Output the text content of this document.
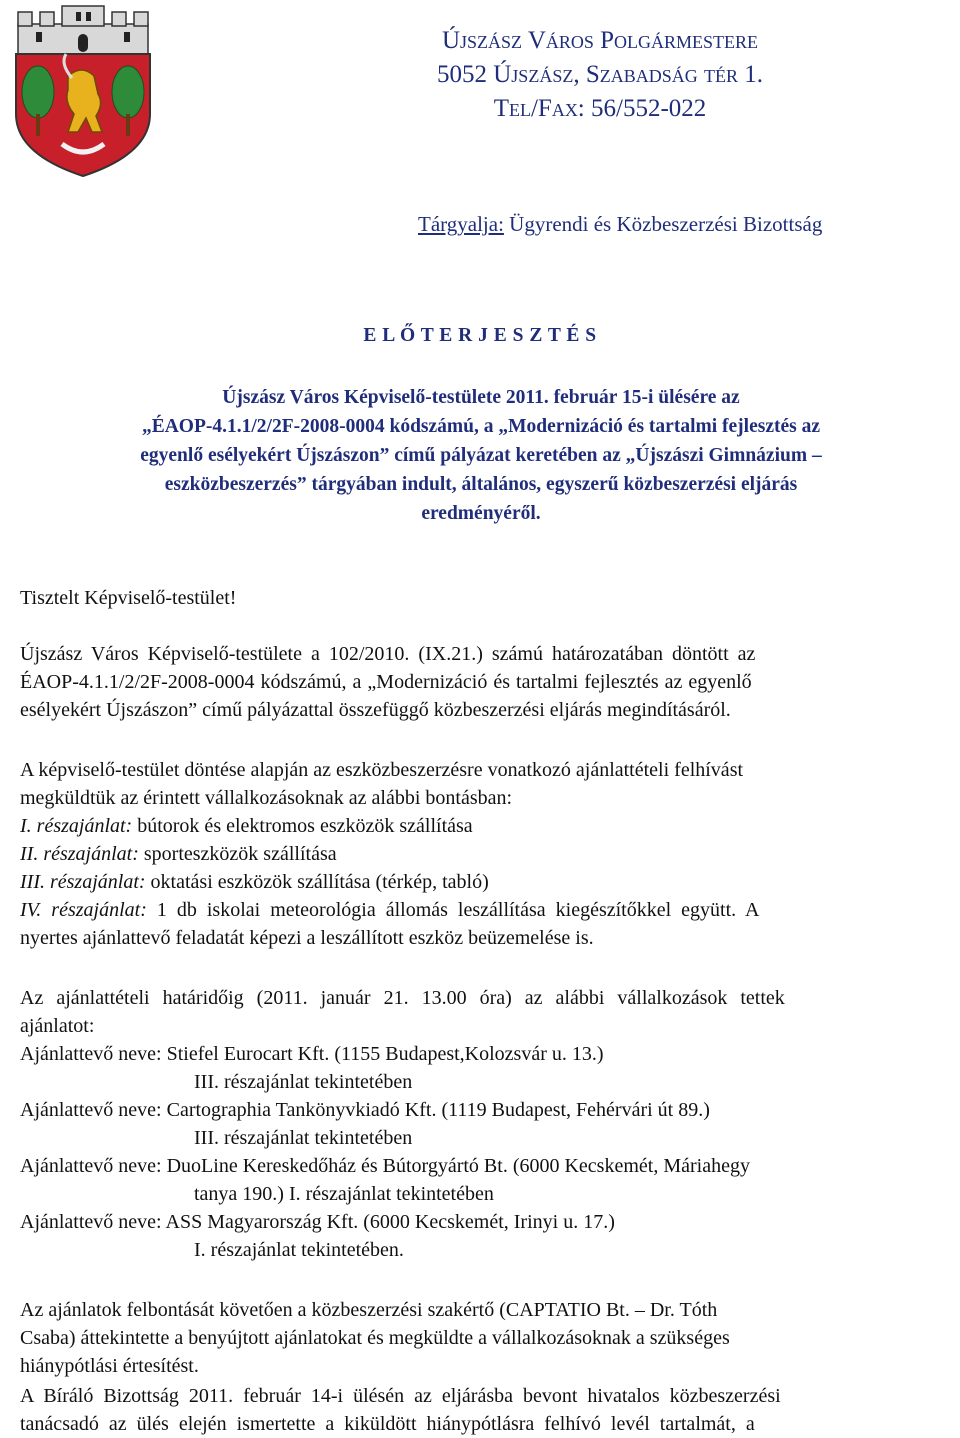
Újszász Város Polgármestere
5052 Újszász, Szabadság tér 1.
Tel/Fax: 56/552-022
Tárgyalja: Ügyrendi és Közbeszerzési Bizottság
E L Ő T E R J E S Z T É S
Újszász Város Képviselő-testülete 2011. február 15-i ülésére az
„ÉAOP-4.1.1/2/2F-2008-0004 kódszámú, a „Modernizáció és tartalmi fejlesztés az
egyenlő esélyekért Újszászon” című pályázat keretében az „Újszászi Gimnázium –
eszközbeszerzés” tárgyában indult, általános, egyszerű közbeszerzési eljárás
eredményéről.
Tisztelt Képviselő-testület!

Újszász Város Képviselő-testülete a 102/2010. (IX.21.) számú határozatában döntött az

ÉAOP-4.1.1/2/2F-2008-0004 kódszámú, a „Modernizáció és tartalmi fejlesztés az egyenlő

esélyekért Újszászon” című pályázattal összefüggő közbeszerzési eljárás megindításáról.

A képviselő-testület döntése alapján az eszközbeszerzésre vonatkozó ajánlattételi felhívást

megküldtük az érintett vállalkozásoknak az alábbi bontásban:

I. részajánlat: bútorok és elektromos eszközök szállítása

II. részajánlat: sporteszközök szállítása

III. részajánlat: oktatási eszközök szállítása (térkép, tabló)

IV. részajánlat: 1 db iskolai meteorológia állomás leszállítása kiegészítőkkel együtt. A

nyertes ajánlattevő feladatát képezi a leszállított eszköz beüzemelése is.

Az ajánlattételi határidőig (2011. január 21. 13.00 óra) az alábbi vállalkozások tettek

ajánlatot:

Ajánlattevő neve: Stiefel Eurocart Kft. (1155 Budapest,Kolozsvár u. 13.)

III. részajánlat tekintetében

Ajánlattevő neve: Cartographia Tankönyvkiadó Kft. (1119 Budapest, Fehérvári út 89.)

III. részajánlat tekintetében

Ajánlattevő neve: DuoLine Kereskedőház és Bútorgyártó Bt. (6000 Kecskemét, Máriahegy

tanya 190.) I. részajánlat tekintetében

Ajánlattevő neve: ASS Magyarország Kft. (6000 Kecskemét, Irinyi u. 17.)

I. részajánlat tekintetében.

Az ajánlatok felbontását követően a közbeszerzési szakértő (CAPTATIO Bt. – Dr. Tóth

Csaba) áttekintette a benyújtott ajánlatokat és megküldte a vállalkozásoknak a szükséges

hiánypótlási értesítést.

A Bíráló Bizottság 2011. február 14-i ülésén az eljárásba bevont hivatalos közbeszerzési

tanácsadó az ülés elején ismertette a kiküldött hiánypótlásra felhívó levél tartalmát, a
